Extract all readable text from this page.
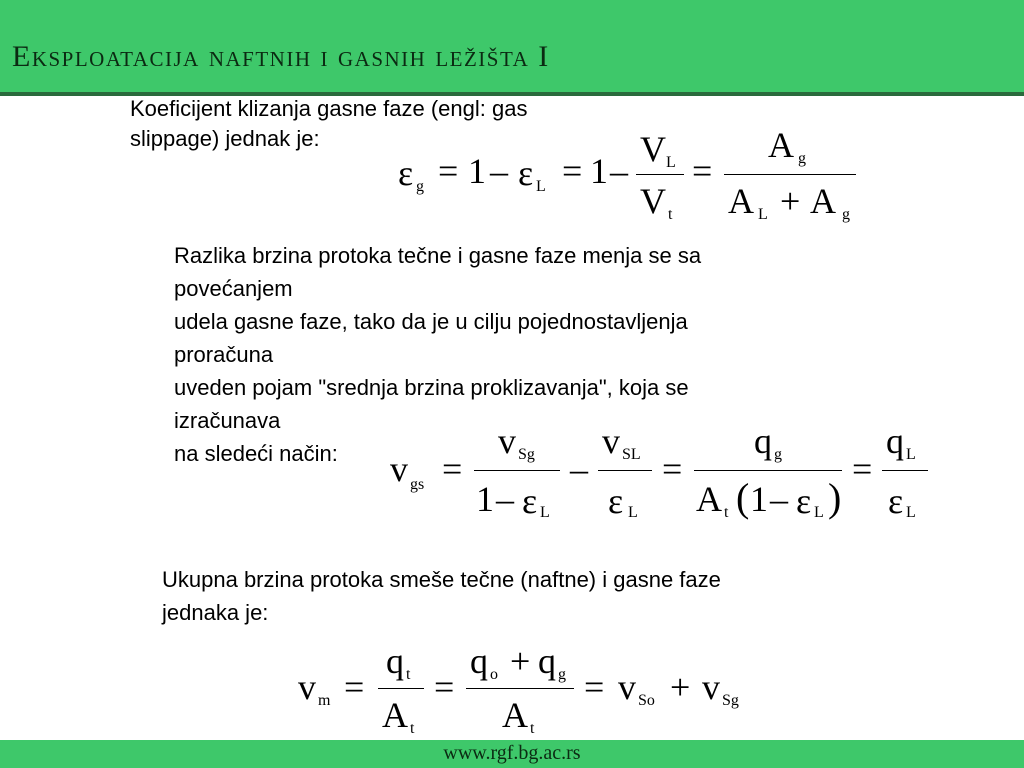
Eksploatacija naftnih i gasnih ležišta I
www.rgf.bg.ac.rs
Koeficijent klizanja gasne faze (engl: gas
slippage) jednak je:
ε g = 1 – ε L = 1 –
V L
V t
=
A g
A L + A g
Razlika brzina protoka tečne i gasne faze menja se sa
povećanjem
udela gasne faze, tako da je u cilju pojednostavljenja
proračuna
uveden pojam "srednja brzina proklizavanja", koja se
izračunava
na sledeći način:	v gs =
v Sg
1 – ε L
–
v SL
ε L
=
q g
A t ( 1 – ε L )
=
q L
ε L
Ukupna brzina protoka smeše tečne (naftne) i gasne faze
jednaka je:
v m =
q t
A t
=
q o + q g
A t
= v So + v Sg
